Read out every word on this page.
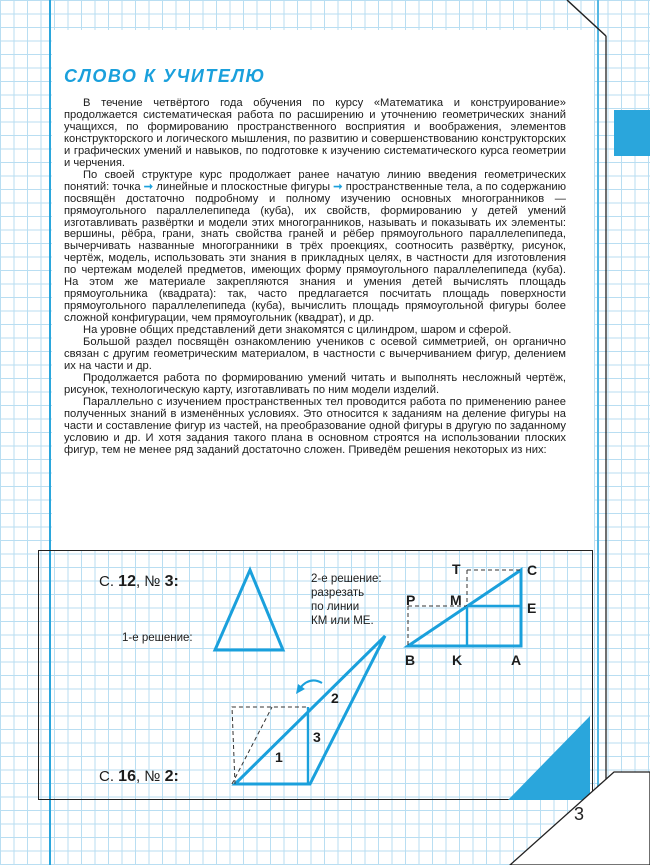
СЛОВО К УЧИТЕЛЮ

В течение четвёртого года обучения по курсу «Математика и конструирование» продолжается систематическая работа по расширению и уточнению геометрических знаний учащихся, по формированию пространственного восприятия и воображения, элементов конструкторского и логического мышления, по развитию и совершенствованию конструкторских и графических умений и навыков, по подготовке к изучению систематического курса геометрии и черчения.

По своей структуре курс продолжает ранее начатую линию введения геометрических понятий: точка ➞ линейные и плоскостные фигуры ➞ пространственные тела, а по содержанию посвящён достаточно подробному и полному изучению основных многогранников — прямоугольного параллелепипеда (куба), их свойств, формированию у детей умений изготавливать развёртки и модели этих многогранников, называть и показывать их элементы: вершины, рёбра, грани, знать свойства граней и рёбер прямоугольного параллелепипеда, вычерчивать названные многогранники в трёх проекциях, соотносить развёртку, рисунок, чертёж, модель, использовать эти знания в прикладных целях, в частности для изготовления по чертежам моделей предметов, имеющих форму прямоугольного параллелепипеда (куба). На этом же материале закрепляются знания и умения детей вычислять площадь прямоугольника (квадрата): так, часто предлагается посчитать площадь поверхности прямоугольного параллелепипеда (куба), вычислить площадь прямоугольной фигуры более сложной конфигурации, чем прямоугольник (квадрат), и др.

На уровне общих представлений дети знакомятся с цилиндром, шаром и сферой.

Большой раздел посвящён ознакомлению учеников с осевой симметрией, он органично связан с другим геометрическим материалом, в частности с вычерчиванием фигур, делением их на части и др.

Продолжается работа по формированию умений читать и выполнять несложный чертёж, рисунок, технологическую карту, изготавливать по ним модели изделий.

Параллельно с изучением пространственных тел проводится работа по применению ранее полученных знаний в изменённых условиях. Это относится к заданиям на деление фигуры на части и составление фигур из частей, на преобразование одной фигуры в другую по заданному условию и др. И хотя задания такого плана в основном строятся на использовании плоских фигур, тем не менее ряд заданий достаточно сложен. Приведём решения некоторых из них:

С. 12, № 3:
1-е решение:
2-е решение:
разрезать
по линии
КМ или МЕ.
T	C
P M	E
B	K	A
1
2
3
С. 16, № 2:
3
